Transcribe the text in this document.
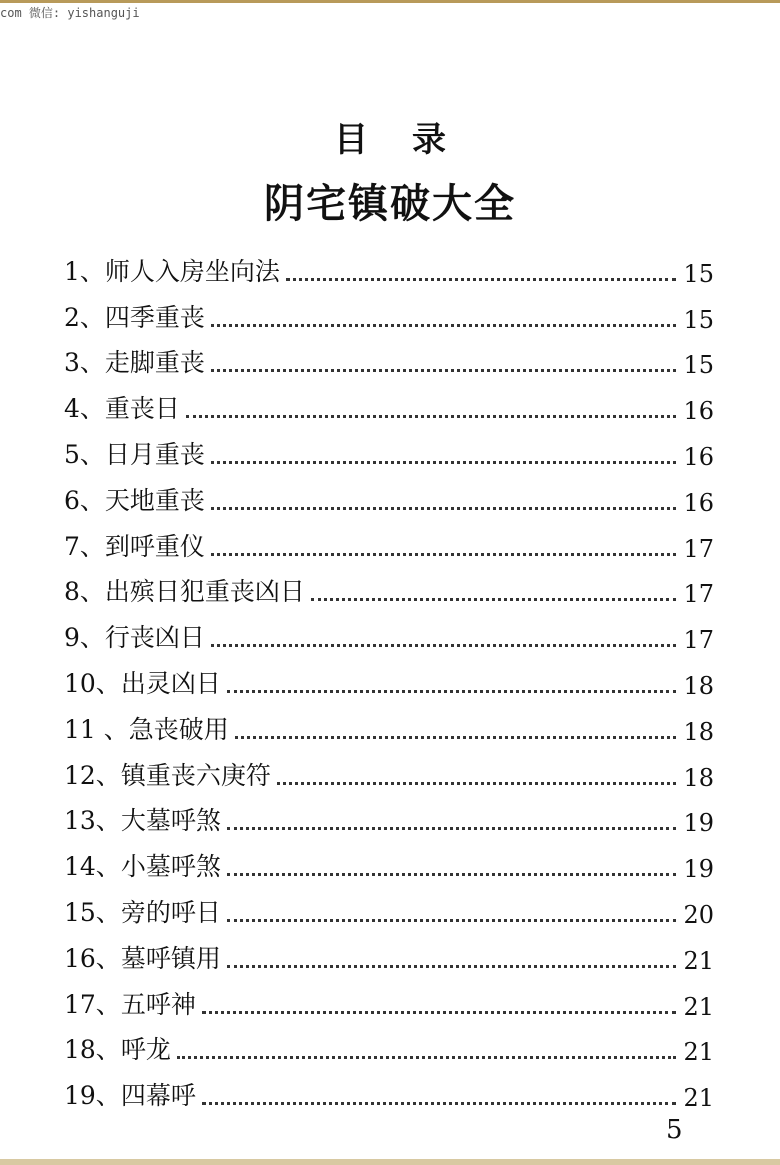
com 微信: yishanguji
目录
阴宅镇破大全
1、 师人入房坐向法	15
2、 四季重丧	15
3、 走脚重丧	15
4、 重丧日	16
5、 日月重丧	16
6、 天地重丧	16
7、 到呼重仪	17
8、 出殡日犯重丧凶日	17
9、 行丧凶日	17
10、 出灵凶日	18
11 、 急丧破用	18
12、 镇重丧六庚符	18
13、 大墓呼煞	19
14、 小墓呼煞	19
15、 旁的呼日	20
16、 墓呼镇用	21
17、 五呼神	21
18、 呼龙	21
19、 四幕呼	21
5
